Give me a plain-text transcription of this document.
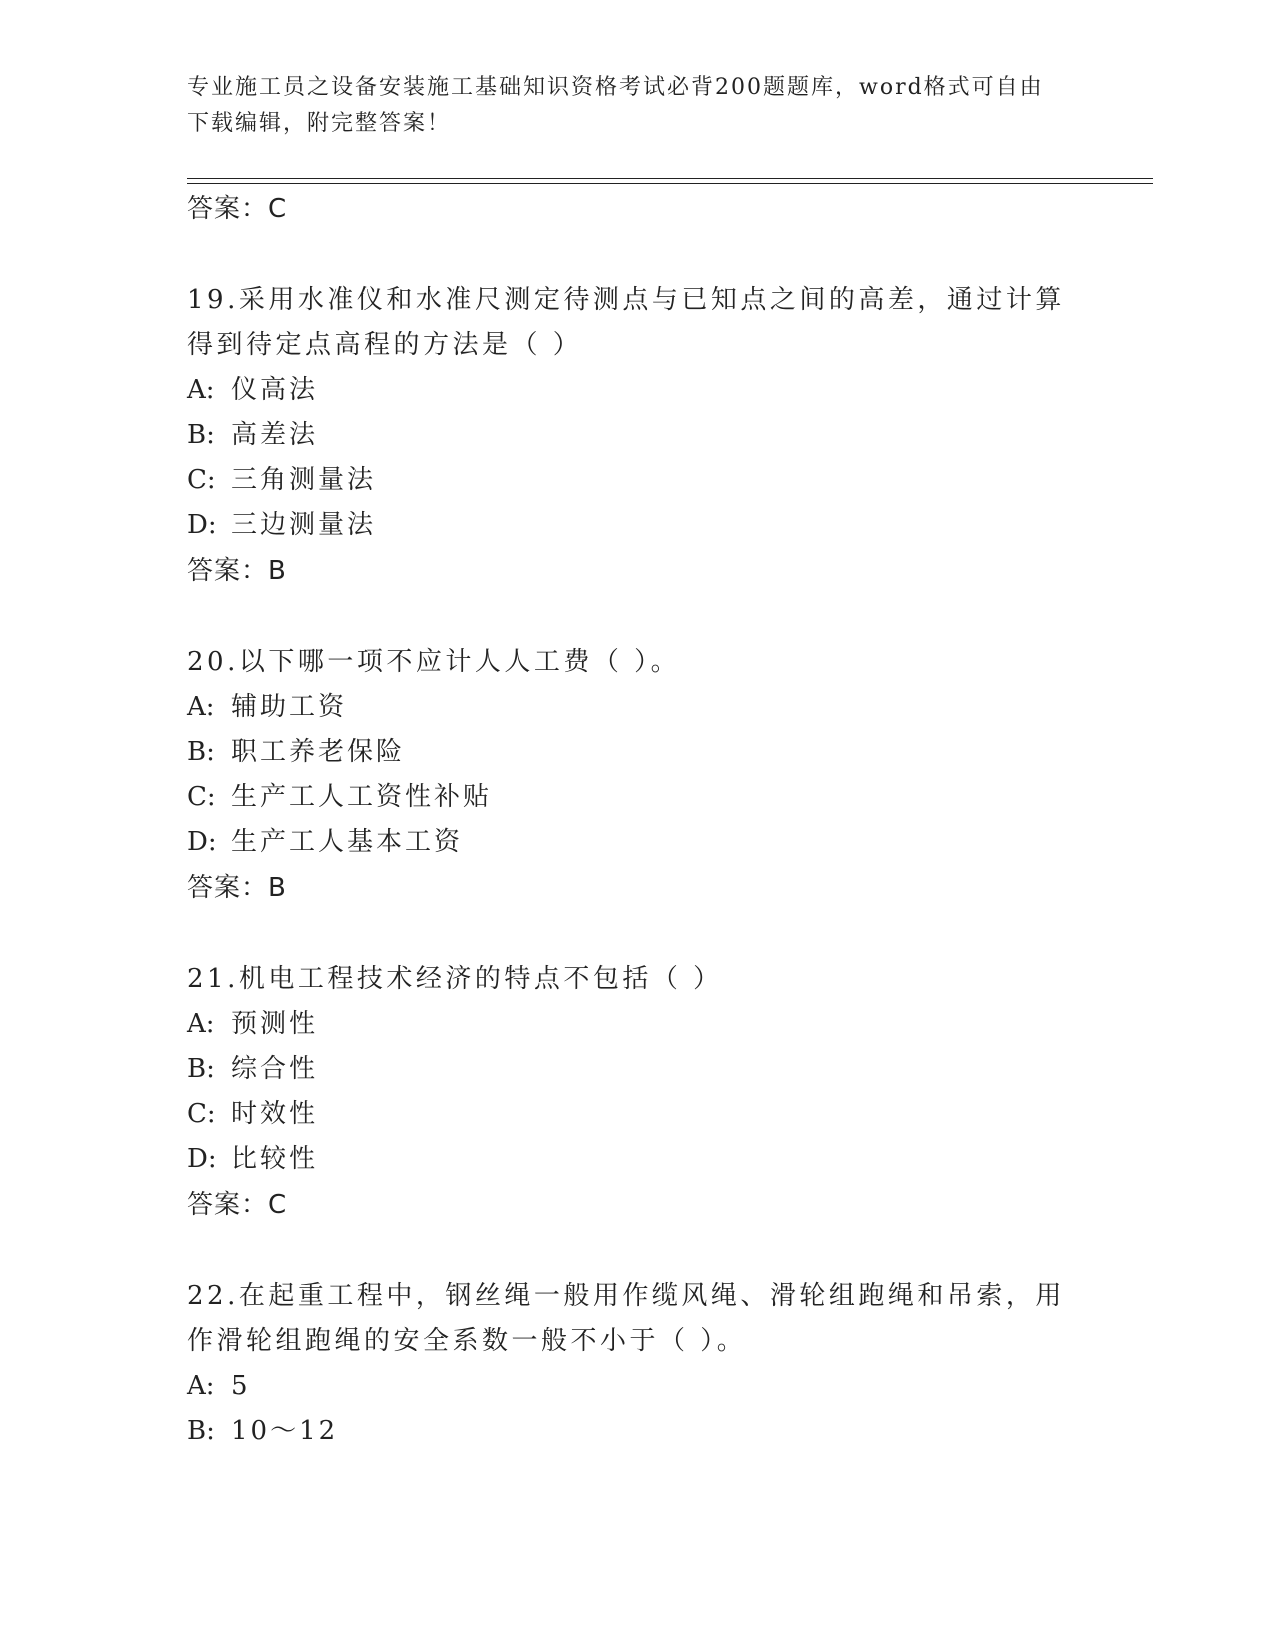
专业施工员之设备安装施工基础知识资格考试必背200题题库，word格式可自由下载编辑，附完整答案！
答案：C
19.采用水准仪和水准尺测定待测点与已知点之间的高差，通过计算得到待定点高程的方法是（ ）
A: 仪高法
B: 高差法
C: 三角测量法
D: 三边测量法
答案：B
20.以下哪一项不应计人人工费（ ）。
A: 辅助工资
B: 职工养老保险
C: 生产工人工资性补贴
D: 生产工人基本工资
答案：B
21.机电工程技术经济的特点不包括（ ）
A: 预测性
B: 综合性
C: 时效性
D: 比较性
答案：C
22.在起重工程中，钢丝绳一般用作缆风绳、滑轮组跑绳和吊索，用作滑轮组跑绳的安全系数一般不小于（ ）。
A: 5
B: 10～12
